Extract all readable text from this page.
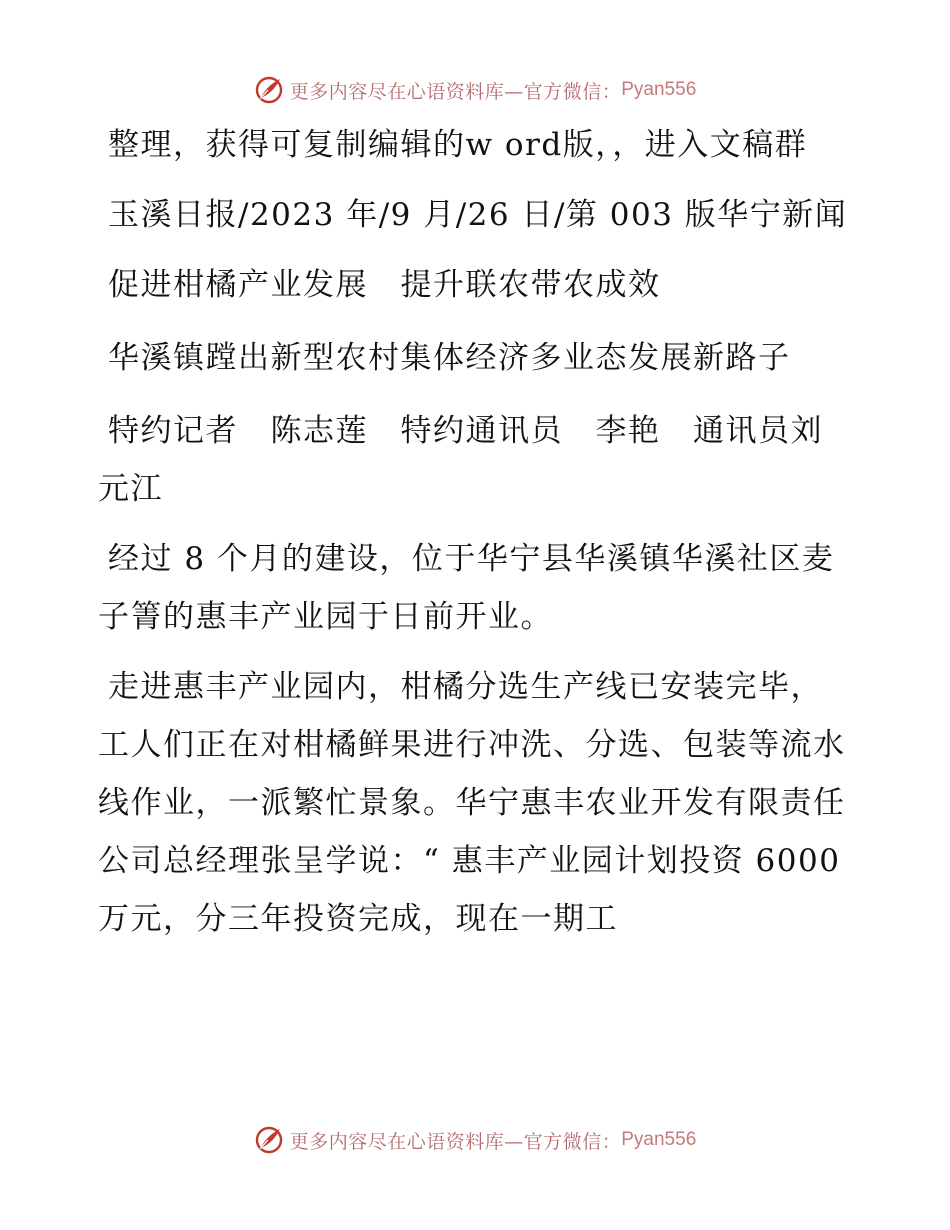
更多内容尽在心语资料库—官方微信： Pyan556

整理，获得可复制编辑的w ord版，，进入文稿群

玉溪日报/2023 年/9 月/26 日/第 003 版华宁新闻

促进柑橘产业发展　提升联农带农成效

华溪镇蹚出新型农村集体经济多业态发展新路子

特约记者　陈志莲　特约通讯员　李艳　通讯员刘元江

经过 8 个月的建设，位于华宁县华溪镇华溪社区麦子箐的惠丰产业园于日前开业。

走进惠丰产业园内，柑橘分选生产线已安装完毕，工人们正在对柑橘鲜果进行冲洗、分选、包装等流水线作业，一派繁忙景象。华宁惠丰农业开发有限责任公司总经理张呈学说：“ 惠丰产业园计划投资 6000 万元，分三年投资完成，现在一期工

更多内容尽在心语资料库—官方微信： Pyan556
